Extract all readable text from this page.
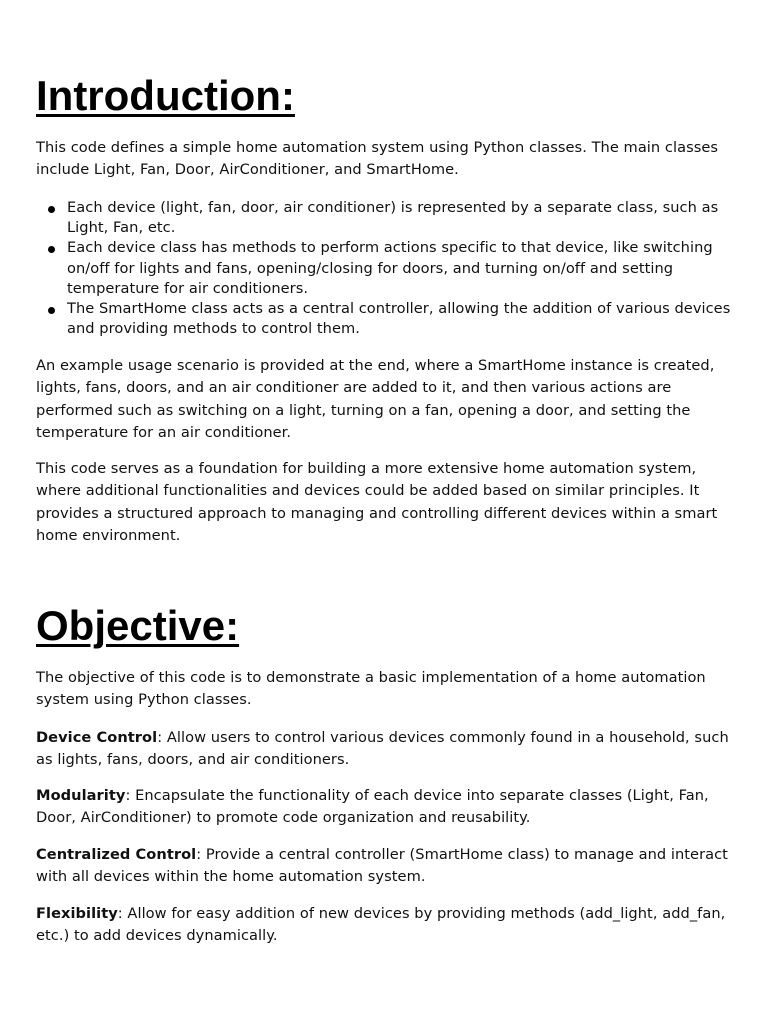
Introduction:

This code defines a simple home automation system using Python classes. The main classes include Light, Fan, Door, AirConditioner, and SmartHome.

Each device (light, fan, door, air conditioner) is represented by a separate class, such as Light, Fan, etc.
Each device class has methods to perform actions specific to that device, like switching on/off for lights and fans, opening/closing for doors, and turning on/off and setting temperature for air conditioners.
The SmartHome class acts as a central controller, allowing the addition of various devices and providing methods to control them.

An example usage scenario is provided at the end, where a SmartHome instance is created, lights, fans, doors, and an air conditioner are added to it, and then various actions are performed such as switching on a light, turning on a fan, opening a door, and setting the temperature for an air conditioner.

This code serves as a foundation for building a more extensive home automation system, where additional functionalities and devices could be added based on similar principles. It provides a structured approach to managing and controlling different devices within a smart home environment.

Objective:

The objective of this code is to demonstrate a basic implementation of a home automation system using Python classes.

Device Control: Allow users to control various devices commonly found in a household, such as lights, fans, doors, and air conditioners.

Modularity: Encapsulate the functionality of each device into separate classes (Light, Fan, Door, AirConditioner) to promote code organization and reusability.

Centralized Control: Provide a central controller (SmartHome class) to manage and interact with all devices within the home automation system.

Flexibility: Allow for easy addition of new devices by providing methods (add_light, add_fan, etc.) to add devices dynamically.
